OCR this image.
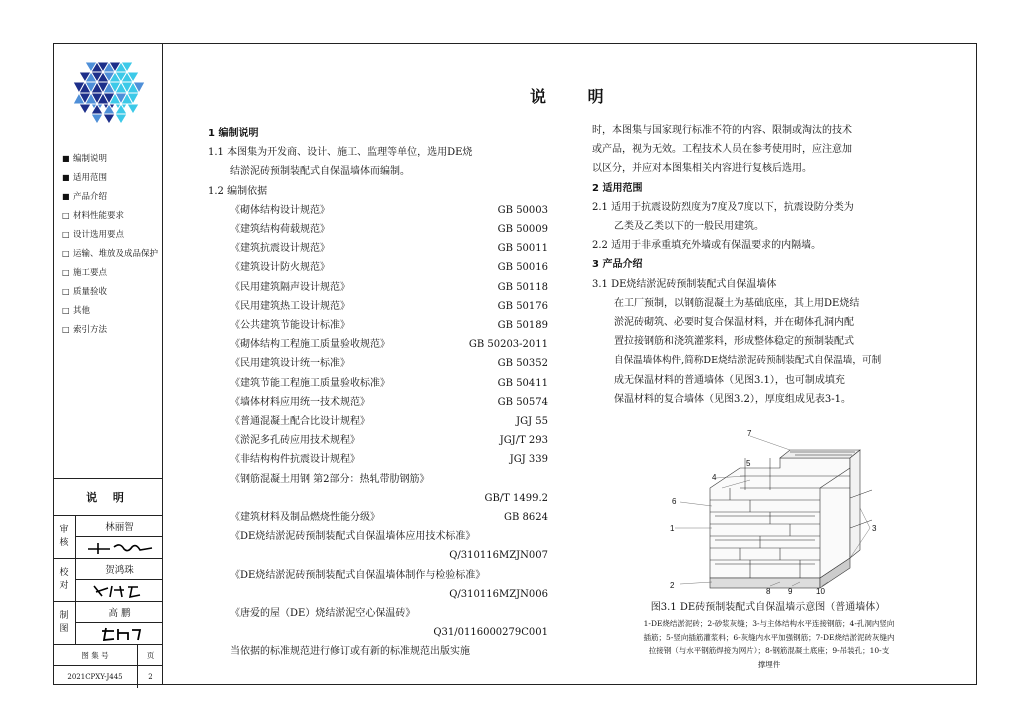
■ 编制说明
■ 适用范围
■ 产品介绍
□ 材料性能要求
□ 设计选用要点
□ 运输、堆放及成品保护
□ 施工要点
□ 质量验收
□ 其他
□ 索引方法
说 明
审
核
林丽智
校
对
贺鸿珠
制
图
高 鹏
图 集 号	页
2021CPXY-J445	2
说 明
1 编制说明
1.1 本图集为开发商、设计、施工、监理等单位，选用DE烧
结淤泥砖预制装配式自保温墙体而编制。
1.2 编制依据
《砌体结构设计规范》	GB 50003
《建筑结构荷载规范》	GB 50009
《建筑抗震设计规范》	GB 50011
《建筑设计防火规范》	GB 50016
《民用建筑隔声设计规范》	GB 50118
《民用建筑热工设计规范》	GB 50176
《公共建筑节能设计标准》	GB 50189
《砌体结构工程施工质量验收规范》	GB 50203-2011
《民用建筑设计统一标准》	GB 50352
《建筑节能工程施工质量验收标准》	GB 50411
《墙体材料应用统一技术规范》	GB 50574
《普通混凝土配合比设计规程》	JGJ 55
《淤泥多孔砖应用技术规程》	JGJ/T 293
《非结构构件抗震设计规程》	JGJ 339
《钢筋混凝土用钢 第2部分：热轧带肋钢筋》
GB/T 1499.2
《建筑材料及制品燃烧性能分级》	GB 8624
《DE烧结淤泥砖预制装配式自保温墙体应用技术标准》
Q/310116MZJN007
《DE烧结淤泥砖预制装配式自保温墙体制作与检验标准》
Q/310116MZJN006
《唐爱的屋（DE）烧结淤泥空心保温砖》
Q31/0116000279C001
当依据的标准规范进行修订或有新的标准规范出版实施
时，本图集与国家现行标准不符的内容、限制或淘汰的技术
或产品，视为无效。工程技术人员在参考使用时，应注意加
以区分，并应对本图集相关内容进行复核后选用。
2 适用范围
2.1 适用于抗震设防烈度为7度及7度以下，抗震设防分类为
乙类及乙类以下的一般民用建筑。
2.2 适用于非承重填充外墙或有保温要求的内隔墙。
3 产品介绍
3.1 DE烧结淤泥砖预制装配式自保温墙体
在工厂预制，以钢筋混凝土为基础底座，其上用DE烧结
淤泥砖砌筑、必要时复合保温材料，并在砌体孔洞内配
置拉接钢筋和浇筑灌浆料，形成整体稳定的预制装配式
自保温墙体构件,简称DE烧结淤泥砖预制装配式自保温墙，可制
成无保温材料的普通墙体（见图3.1），也可制成填充
保温材料的复合墙体（见图3.2），厚度组成见表3-1。
7
5
4
6
1
2
8 9	10
3
图3.1 DE砖预制装配式自保温墙示意图（普通墙体）
1-DE烧结淤泥砖；2-砂浆灰缝；3-与主体结构水平连接钢筋；4-孔洞内竖向
插筋；5-竖向插筋灌浆料；6-灰缝内水平加强钢筋；7-DE烧结淤泥砖灰缝内
拉接钢（与水平钢筋焊接为网片）；8-钢筋混凝土底座；9-吊装孔；10-支
撑埋件
